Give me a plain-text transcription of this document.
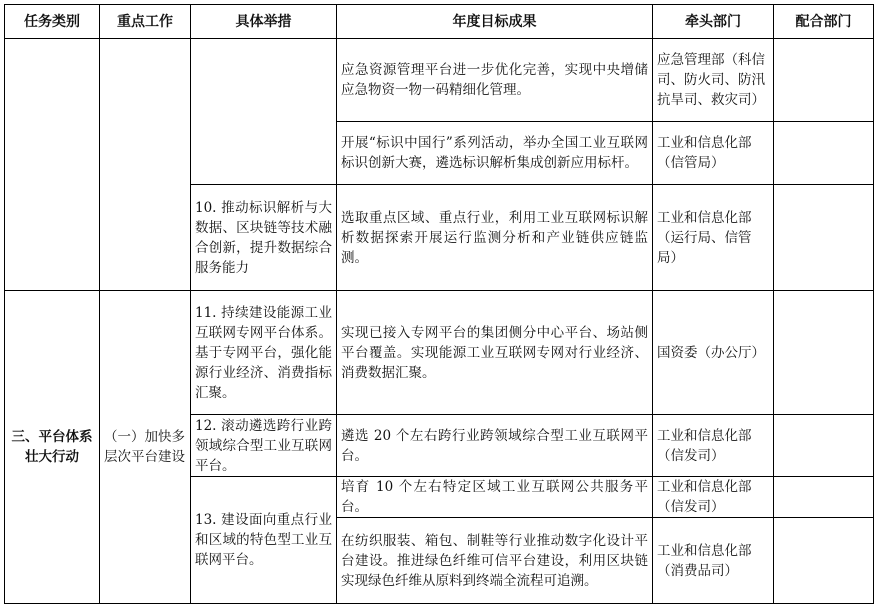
任务类别	重点工作	具体举措	年度目标成果	牵头部门	配合部门
			应急资源管理平台进一步优化完善，实现中央增储应急物资一物一码精细化管理。	应急管理部（科信司、防火司、防汛抗旱司、救灾司）	
			开展“标识中国行”系列活动，举办全国工业互联网标识创新大赛，遴选标识解析集成创新应用标杆。	工业和信息化部（信管局）	
		10. 推动标识解析与大数据、区块链等技术融合创新，提升数据综合服务能力	选取重点区域、重点行业，利用工业互联网标识解析数据探索开展运行监测分析和产业链供应链监测。	工业和信息化部（运行局、信管局）	
三、平台体系壮大行动	（一）加快多层次平台建设	11. 持续建设能源工业互联网专网平台体系。基于专网平台，强化能源行业经济、消费指标汇聚。	实现已接入专网平台的集团侧分中心平台、场站侧平台覆盖。实现能源工业互联网专网对行业经济、消费数据汇聚。	国资委（办公厅）	
		12. 滚动遴选跨行业跨领域综合型工业互联网平台。	遴选 20 个左右跨行业跨领域综合型工业互联网平台。	工业和信息化部（信发司）	
		13. 建设面向重点行业和区域的特色型工业互联网平台。	培育 10 个左右特定区域工业互联网公共服务平台。	工业和信息化部（信发司）	
			在纺织服装、箱包、制鞋等行业推动数字化设计平台建设。推进绿色纤维可信平台建设，利用区块链实现绿色纤维从原料到终端全流程可追溯。	工业和信息化部（消费品司）	
